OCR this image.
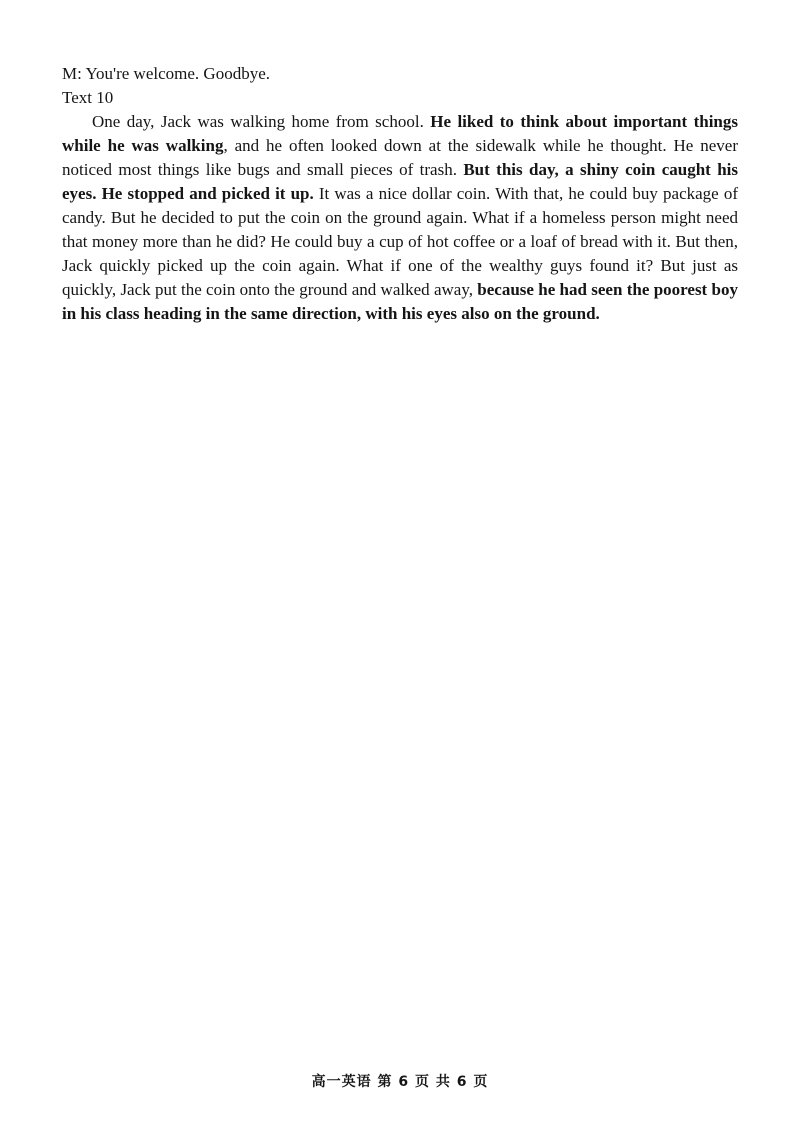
M: You're welcome. Goodbye.

Text 10

One day, Jack was walking home from school. He liked to think about important things while he was walking, and he often looked down at the sidewalk while he thought. He never noticed most things like bugs and small pieces of trash. But this day, a shiny coin caught his eyes. He stopped and picked it up. It was a nice dollar coin. With that, he could buy package of candy. But he decided to put the coin on the ground again. What if a homeless person might need that money more than he did? He could buy a cup of hot coffee or a loaf of bread with it. But then, Jack quickly picked up the coin again. What if one of the wealthy guys found it? But just as quickly, Jack put the coin onto the ground and walked away, because he had seen the poorest boy in his class heading in the same direction, with his eyes also on the ground.

高一英语 第 6 页 共 6 页
